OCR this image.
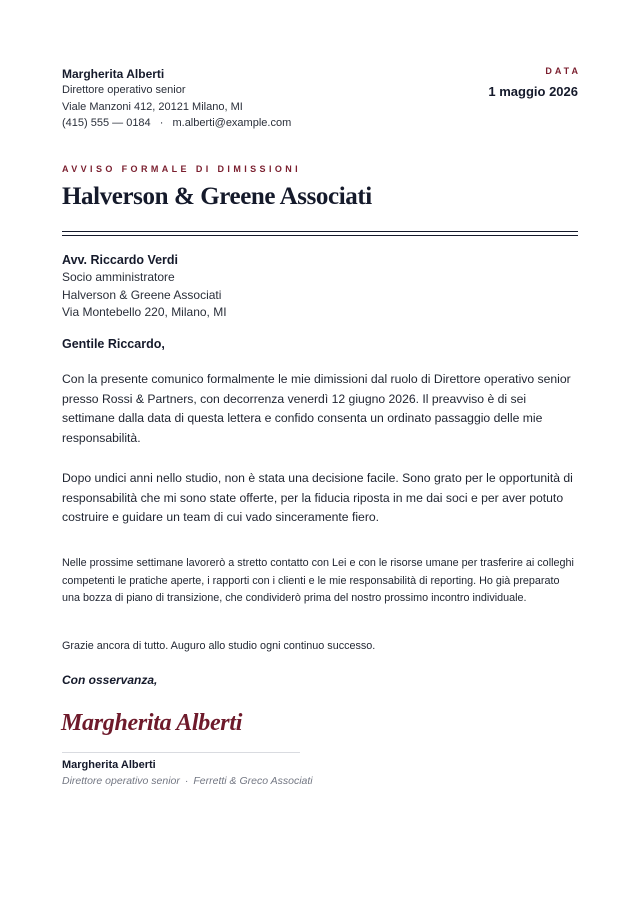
Margherita Alberti
Direttore operativo senior
Viale Manzoni 412, 20121 Milano, MI
(415) 555 — 0184 · m.alberti@example.com
DATA
1 maggio 2026
AVVISO FORMALE DI DIMISSIONI
Halverson & Greene Associati
Avv. Riccardo Verdi
Socio amministratore
Halverson & Greene Associati
Via Montebello 220, Milano, MI
Gentile Riccardo,
Con la presente comunico formalmente le mie dimissioni dal ruolo di Direttore operativo senior presso Rossi & Partners, con decorrenza venerdì 12 giugno 2026. Il preavviso è di sei settimane dalla data di questa lettera e confido consenta un ordinato passaggio delle mie responsabilità.
Dopo undici anni nello studio, non è stata una decisione facile. Sono grato per le opportunità di responsabilità che mi sono state offerte, per la fiducia riposta in me dai soci e per aver potuto costruire e guidare un team di cui vado sinceramente fiero.
Nelle prossime settimane lavorerò a stretto contatto con Lei e con le risorse umane per trasferire ai colleghi competenti le pratiche aperte, i rapporti con i clienti e le mie responsabilità di reporting. Ho già preparato una bozza di piano di transizione, che condividerò prima del nostro prossimo incontro individuale.
Grazie ancora di tutto. Auguro allo studio ogni continuo successo.
Con osservanza,
Margherita Alberti
Margherita Alberti
Direttore operativo senior · Ferretti & Greco Associati
